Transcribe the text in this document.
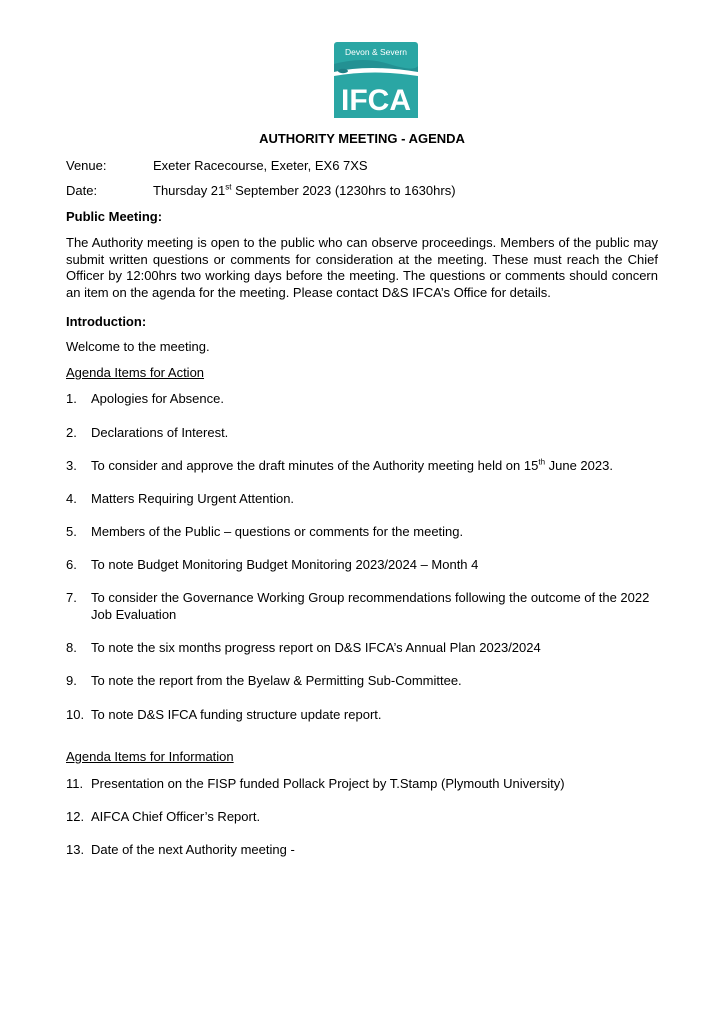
Devon & Severn
IFCA
AUTHORITY MEETING - AGENDA
Venue:	Exeter Racecourse, Exeter, EX6 7XS
Date:	Thursday 21st September 2023 (1230hrs to 1630hrs)
Public Meeting:
The Authority meeting is open to the public who can observe proceedings. Members of the public may submit written questions or comments for consideration at the meeting. These must reach the Chief Officer by 12:00hrs two working days before the meeting. The questions or comments should concern an item on the agenda for the meeting. Please contact D&S IFCA’s Office for details.
Introduction:
Welcome to the meeting.
Agenda Items for Action
1. Apologies for Absence.
2. Declarations of Interest.
3. To consider and approve the draft minutes of the Authority meeting held on 15th June 2023.
4. Matters Requiring Urgent Attention.
5. Members of the Public – questions or comments for the meeting.
6. To note Budget Monitoring Budget Monitoring 2023/2024 – Month 4
7. To consider the Governance Working Group recommendations following the outcome of the 2022 Job Evaluation
8. To note the six months progress report on D&S IFCA’s Annual Plan 2023/2024
9. To note the report from the Byelaw & Permitting Sub-Committee.
10. To note D&S IFCA funding structure update report.
Agenda Items for Information
11. Presentation on the FISP funded Pollack Project by T.Stamp (Plymouth University)
12. AIFCA Chief Officer’s Report.
13. Date of the next Authority meeting -
